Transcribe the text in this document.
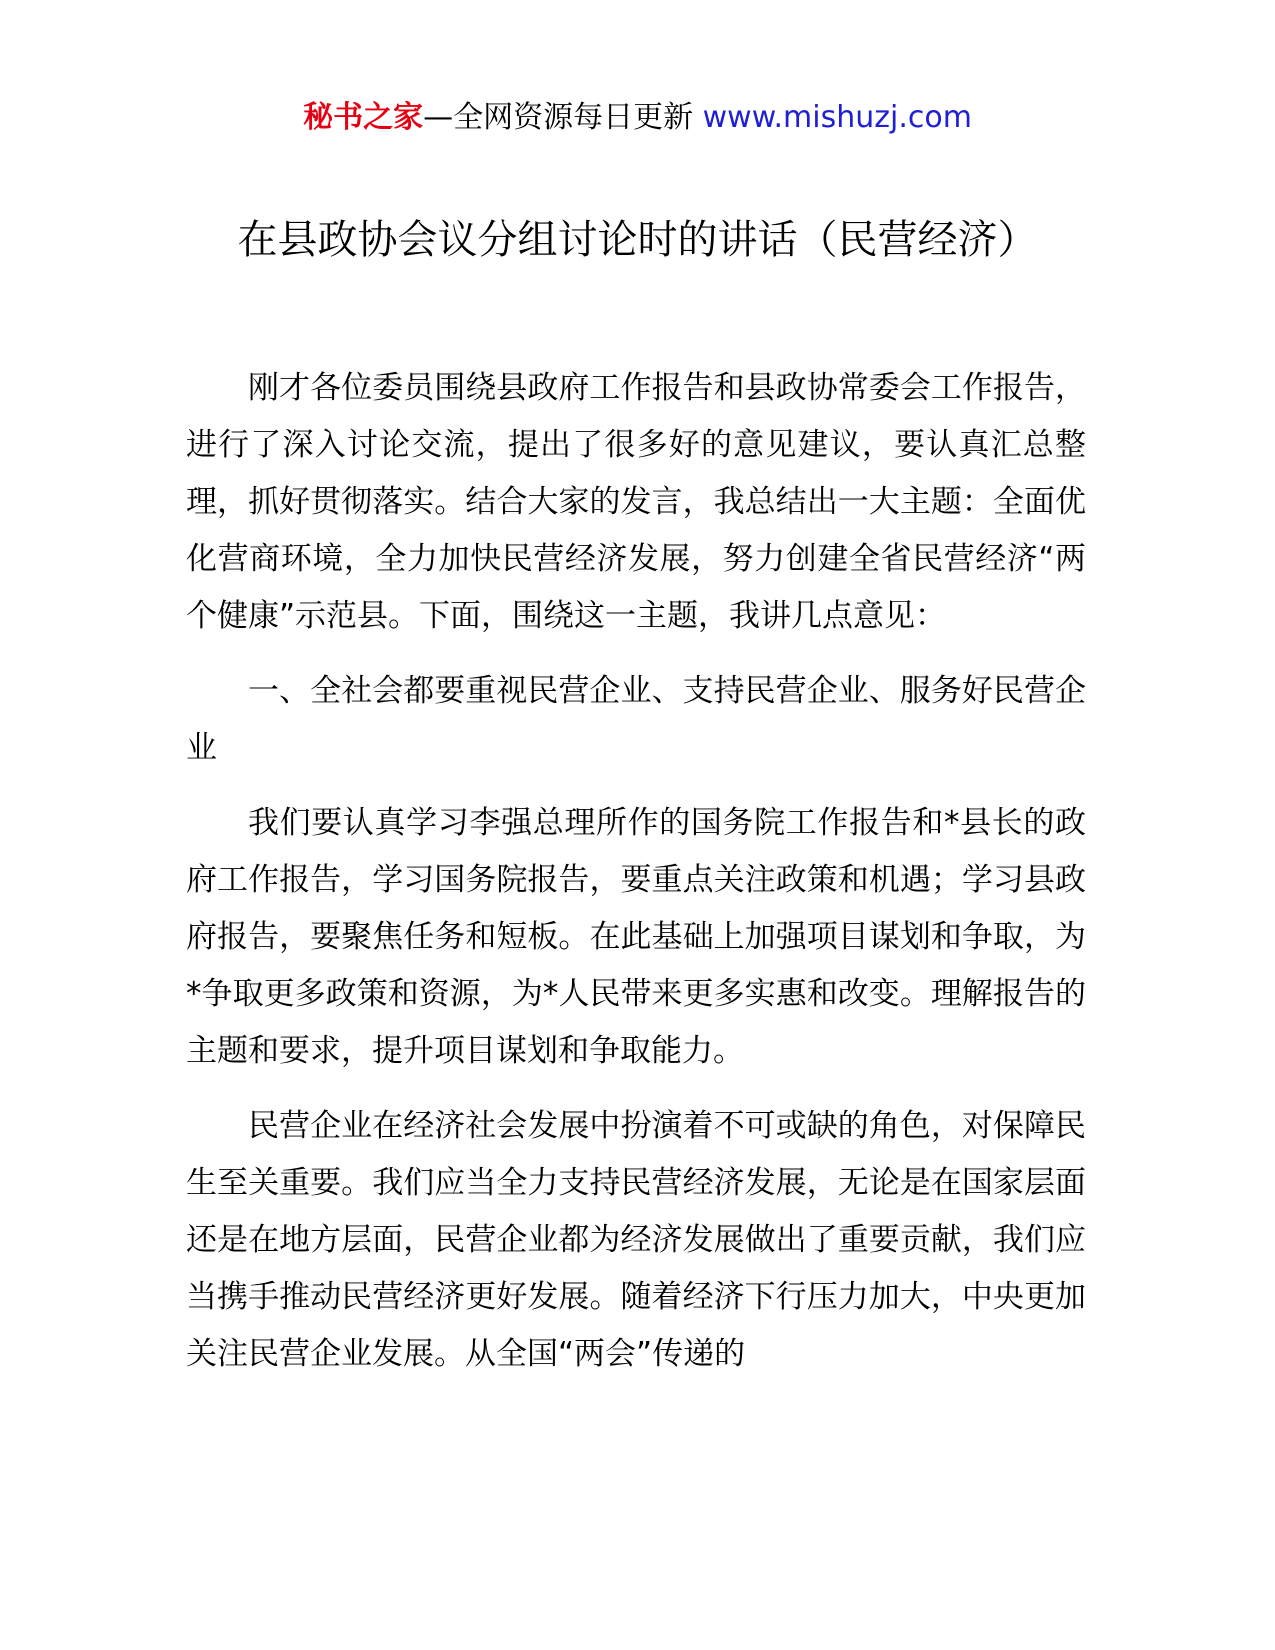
秘书之家—全网资源每日更新 www.mishuzj.com
在县政协会议分组讨论时的讲话（民营经济）

刚才各位委员围绕县政府工作报告和县政协常委会工作报告，进行了深入讨论交流，提出了很多好的意见建议，要认真汇总整理，抓好贯彻落实。结合大家的发言，我总结出一大主题：全面优化营商环境，全力加快民营经济发展，努力创建全省民营经济“两个健康”示范县。下面，围绕这一主题，我讲几点意见：

一、全社会都要重视民营企业、支持民营企业、服务好民营企业

我们要认真学习李强总理所作的国务院工作报告和*县长的政府工作报告，学习国务院报告，要重点关注政策和机遇；学习县政府报告，要聚焦任务和短板。在此基础上加强项目谋划和争取，为*争取更多政策和资源，为*人民带来更多实惠和改变。理解报告的主题和要求，提升项目谋划和争取能力。

民营企业在经济社会发展中扮演着不可或缺的角色，对保障民生至关重要。我们应当全力支持民营经济发展，无论是在国家层面还是在地方层面，民营企业都为经济发展做出了重要贡献，我们应当携手推动民营经济更好发展。随着经济下行压力加大，中央更加关注民营企业发展。从全国“两会”传递的
